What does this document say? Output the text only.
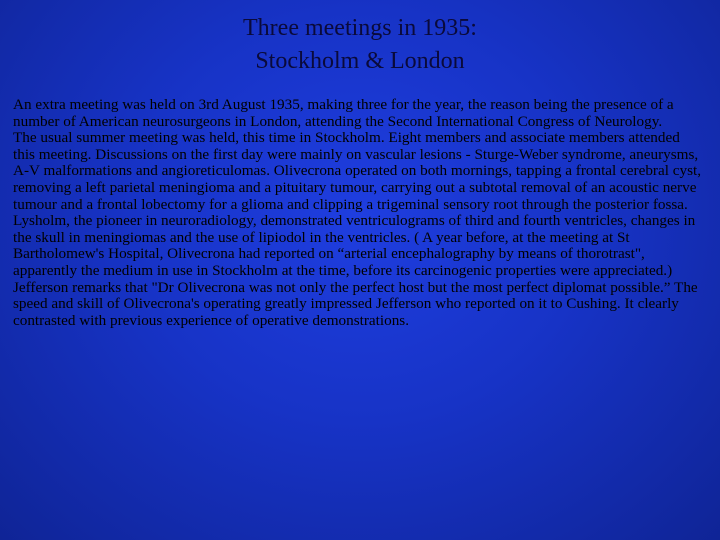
Three meetings in 1935:
Stockholm & London

An extra meeting was held on 3rd August 1935, making three for the year, the reason being the presence of a number of American neurosurgeons in London, attending the Second International Congress of Neurology.

The usual summer meeting was held, this time in Stockholm. Eight members and associate members attended this meeting. Discussions on the first day were mainly on vascular lesions - Sturge-Weber syndrome, aneurysms, A-V malformations and angioreticulomas. Olivecrona operated on both mornings, tapping a frontal cerebral cyst, removing a left parietal meningioma and a pituitary tumour, carrying out a subtotal removal of an acoustic nerve tumour and a frontal lobectomy for a glioma and clipping a trigeminal sensory root through the posterior fossa. Lysholm, the pioneer in neuroradiology, demonstrated ventriculograms of third and fourth ventricles, changes in the skull in meningiomas and the use of lipiodol in the ventricles. ( A year before, at the meeting at St Bartholomew's Hospital, Olivecrona had reported on “arterial encephalography by means of thorotrast", apparently the medium in use in Stockholm at the time, before its carcinogenic properties were appreciated.)

Jefferson remarks that "Dr Olivecrona was not only the perfect host but the most perfect diplomat possible.” The speed and skill of Olivecrona's operating greatly impressed Jefferson who reported on it to Cushing. It clearly contrasted with previous experience of operative demonstrations.
